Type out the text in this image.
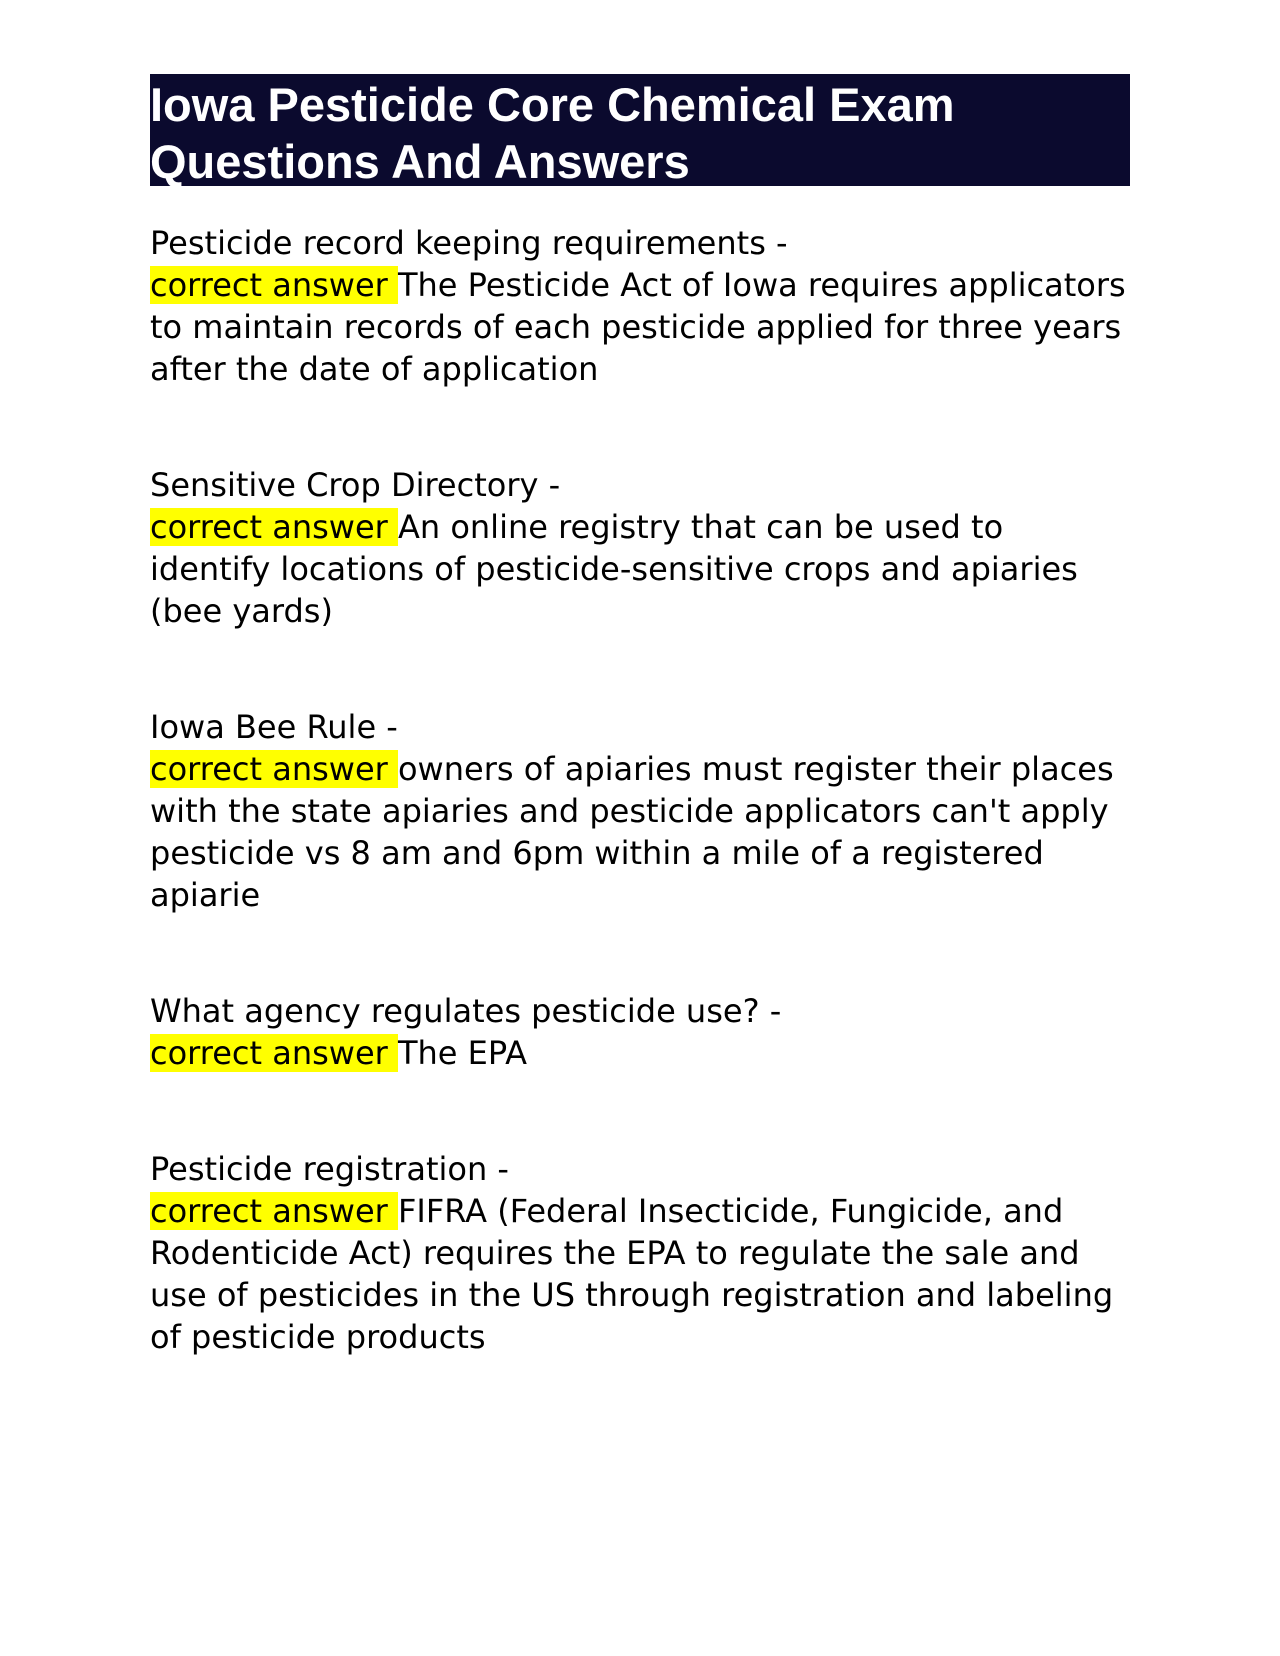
Iowa Pesticide Core Chemical Exam Questions And Answers

Pesticide record keeping requirements -
correct answer The Pesticide Act of Iowa requires applicators to maintain records of each pesticide applied for three years after the date of application

Sensitive Crop Directory -
correct answer An online registry that can be used to identify locations of pesticide-sensitive crops and apiaries (bee yards)

Iowa Bee Rule -
correct answer owners of apiaries must register their places with the state apiaries and pesticide applicators can't apply pesticide vs 8 am and 6pm within a mile of a registered apiarie

What agency regulates pesticide use? -
correct answer The EPA

Pesticide registration -
correct answer FIFRA (Federal Insecticide, Fungicide, and Rodenticide Act) requires the EPA to regulate the sale and use of pesticides in the US through registration and labeling of pesticide products
